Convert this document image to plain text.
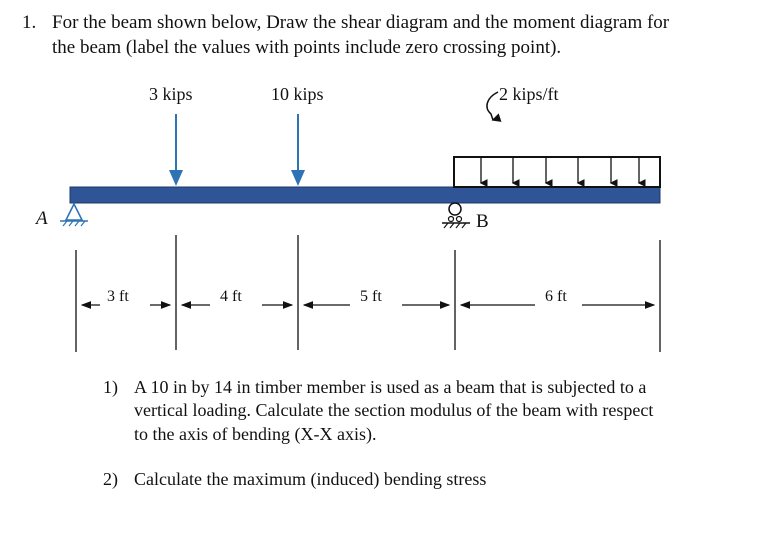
1. For the beam shown below, Draw the shear diagram and the moment diagram for
the beam (label the values with points include zero crossing point).
3 kips	10 kips	2 kips/ft
A	B
3 ft	4 ft	5 ft	6 ft
1) A 10 in by 14 in timber member is used as a beam that is subjected to a
vertical loading. Calculate the section modulus of the beam with respect
to the axis of bending (X-X axis).
2) Calculate the maximum (induced) bending stress
